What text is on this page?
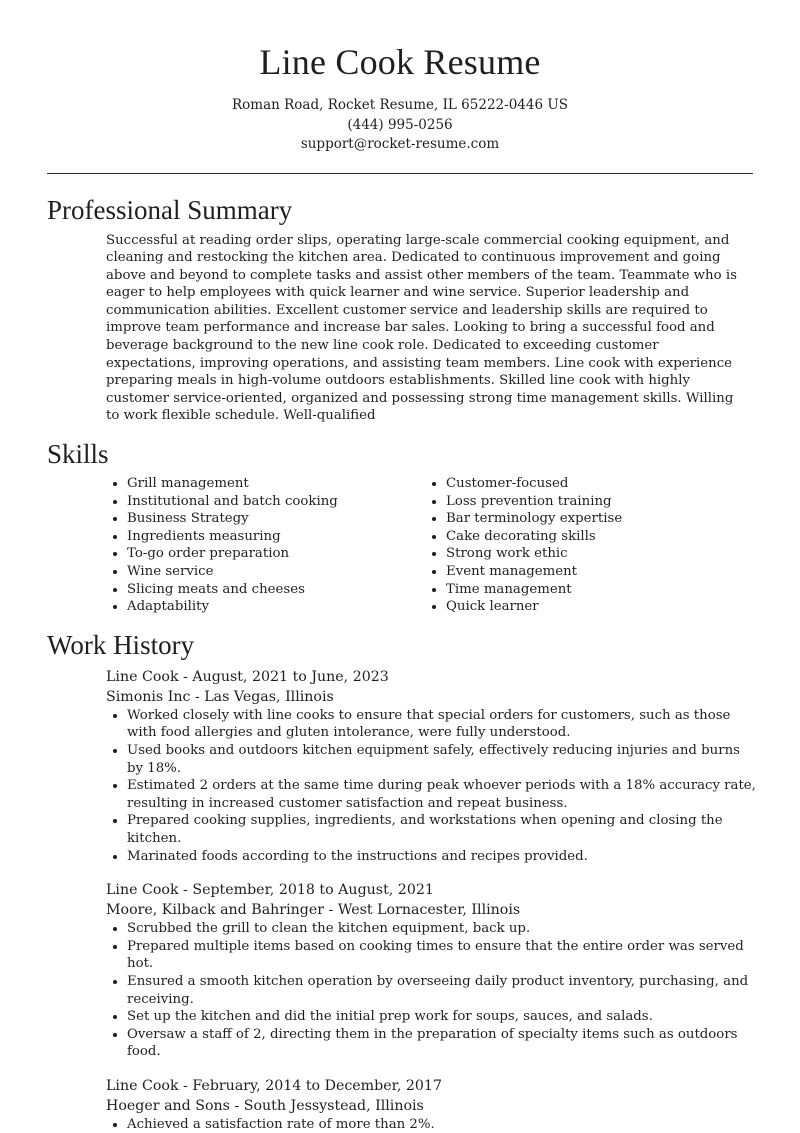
Line Cook Resume
Roman Road, Rocket Resume, IL 65222-0446 US
(444) 995-0256
support@rocket-resume.com
Professional Summary

Successful at reading order slips, operating large-scale commercial cooking equipment, and cleaning and restocking the kitchen area. Dedicated to continuous improvement and going above and beyond to complete tasks and assist other members of the team. Teammate who is eager to help employees with quick learner and wine service. Superior leadership and communication abilities. Excellent customer service and leadership skills are required to improve team performance and increase bar sales. Looking to bring a successful food and beverage background to the new line cook role. Dedicated to exceeding customer expectations, improving operations, and assisting team members. Line cook with experience preparing meals in high-volume outdoors establishments. Skilled line cook with highly customer service-oriented, organized and possessing strong time management skills. Willing to work flexible schedule. Well-qualified

Skills
• Grill management
• Institutional and batch cooking
• Business Strategy
• Ingredients measuring
• To-go order preparation
• Wine service
• Slicing meats and cheeses
• Adaptability
• Customer-focused
• Loss prevention training
• Bar terminology expertise
• Cake decorating skills
• Strong work ethic
• Event management
• Time management
• Quick learner
Work History
Line Cook - August, 2021 to June, 2023
Simonis Inc - Las Vegas, Illinois
• Worked closely with line cooks to ensure that special orders for customers, such as those with food allergies and gluten intolerance, were fully understood.
• Used books and outdoors kitchen equipment safely, effectively reducing injuries and burns by 18%.
• Estimated 2 orders at the same time during peak whoever periods with a 18% accuracy rate, resulting in increased customer satisfaction and repeat business.
• Prepared cooking supplies, ingredients, and workstations when opening and closing the kitchen.
• Marinated foods according to the instructions and recipes provided.
Line Cook - September, 2018 to August, 2021
Moore, Kilback and Bahringer - West Lornacester, Illinois
• Scrubbed the grill to clean the kitchen equipment, back up.
• Prepared multiple items based on cooking times to ensure that the entire order was served hot.
• Ensured a smooth kitchen operation by overseeing daily product inventory, purchasing, and receiving.
• Set up the kitchen and did the initial prep work for soups, sauces, and salads.
• Oversaw a staff of 2, directing them in the preparation of specialty items such as outdoors food.
Line Cook - February, 2014 to December, 2017
Hoeger and Sons - South Jessystead, Illinois
• Achieved a satisfaction rate of more than 2%.
